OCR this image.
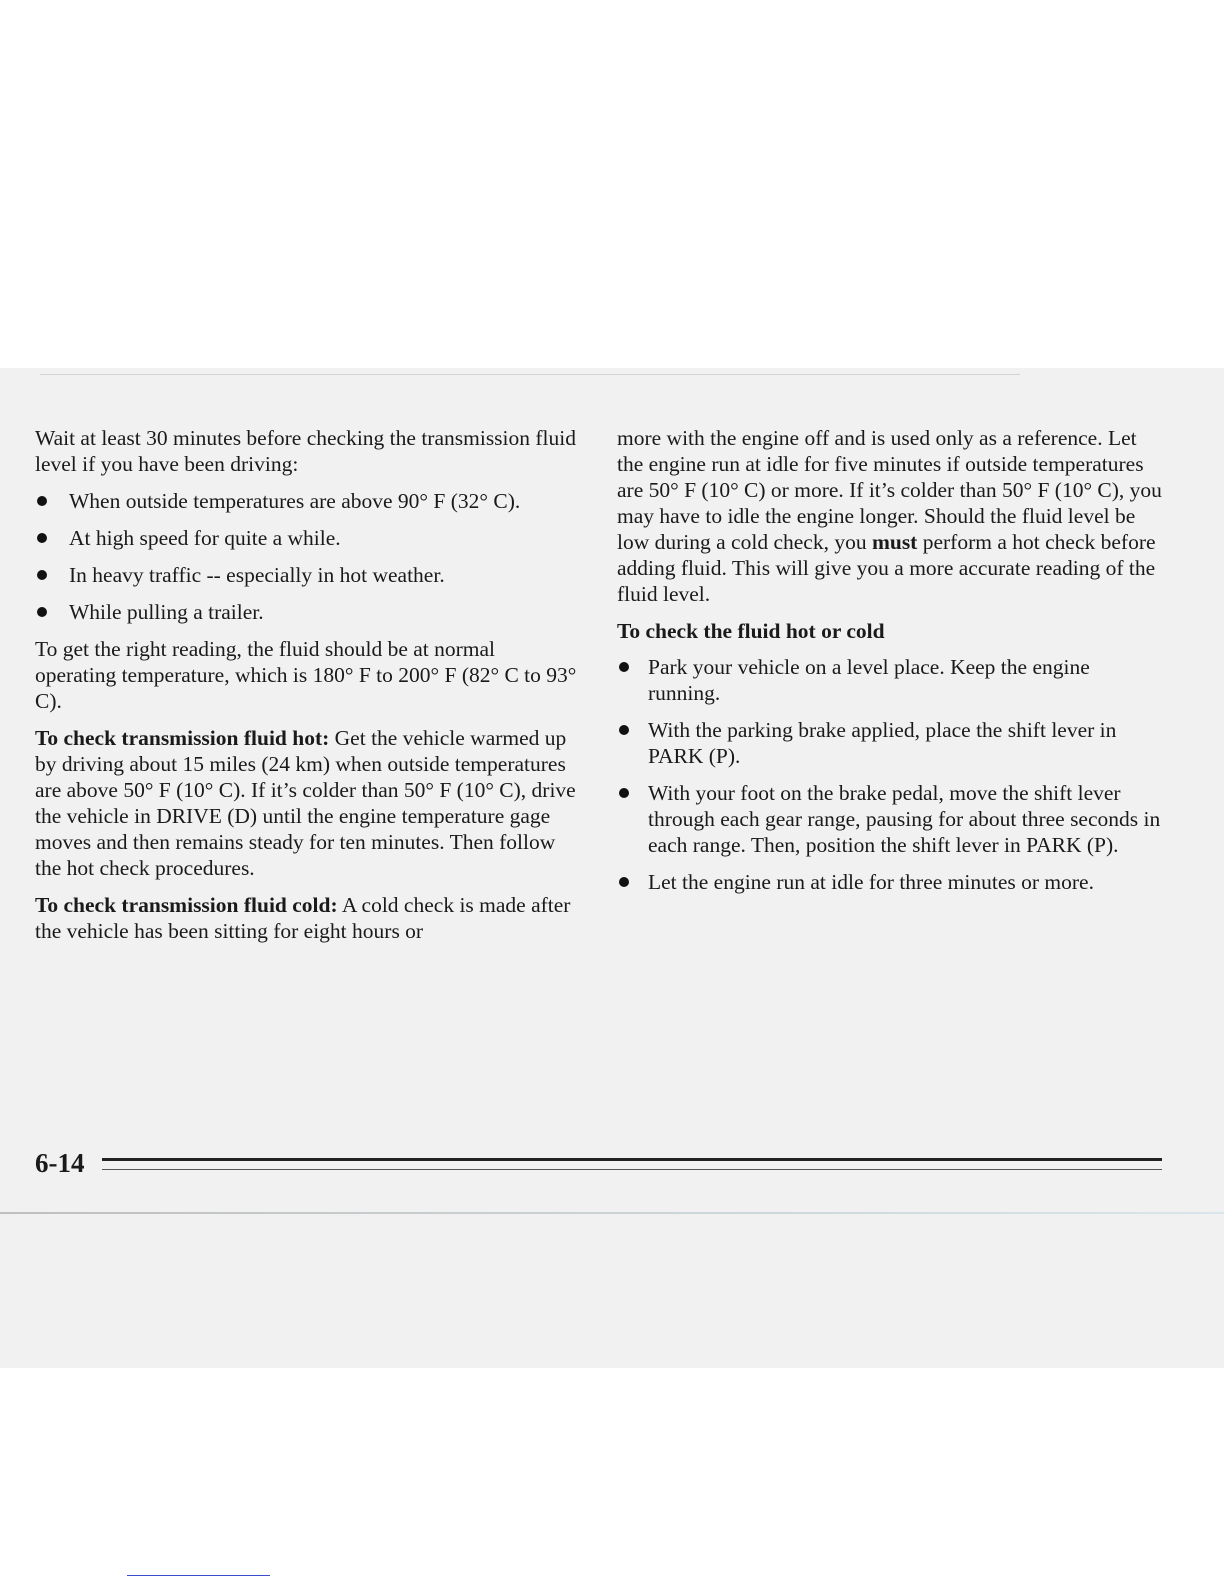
Wait at least 30 minutes before checking the transmission fluid level if you have been driving:

When outside temperatures are above 90° F (32° C).
At high speed for quite a while.
In heavy traffic -- especially in hot weather.
While pulling a trailer.

To get the right reading, the fluid should be at normal operating temperature, which is 180° F to 200° F (82° C to 93° C).

To check transmission fluid hot: Get the vehicle warmed up by driving about 15 miles (24 km) when outside temperatures are above 50° F (10° C). If it’s colder than 50° F (10° C), drive the vehicle in DRIVE (D) until the engine temperature gage moves and then remains steady for ten minutes. Then follow the hot check procedures.

To check transmission fluid cold: A cold check is made after the vehicle has been sitting for eight hours or

more with the engine off and is used only as a reference. Let the engine run at idle for five minutes if outside temperatures are 50° F (10° C) or more. If it’s colder than 50° F (10° C), you may have to idle the engine longer. Should the fluid level be low during a cold check, you must perform a hot check before adding fluid. This will give you a more accurate reading of the fluid level.

To check the fluid hot or cold

Park your vehicle on a level place. Keep the engine running.
With the parking brake applied, place the shift lever in PARK (P).
With your foot on the brake pedal, move the shift lever through each gear range, pausing for about three seconds in each range. Then, position the shift lever in PARK (P).
Let the engine run at idle for three minutes or more.
6-14
